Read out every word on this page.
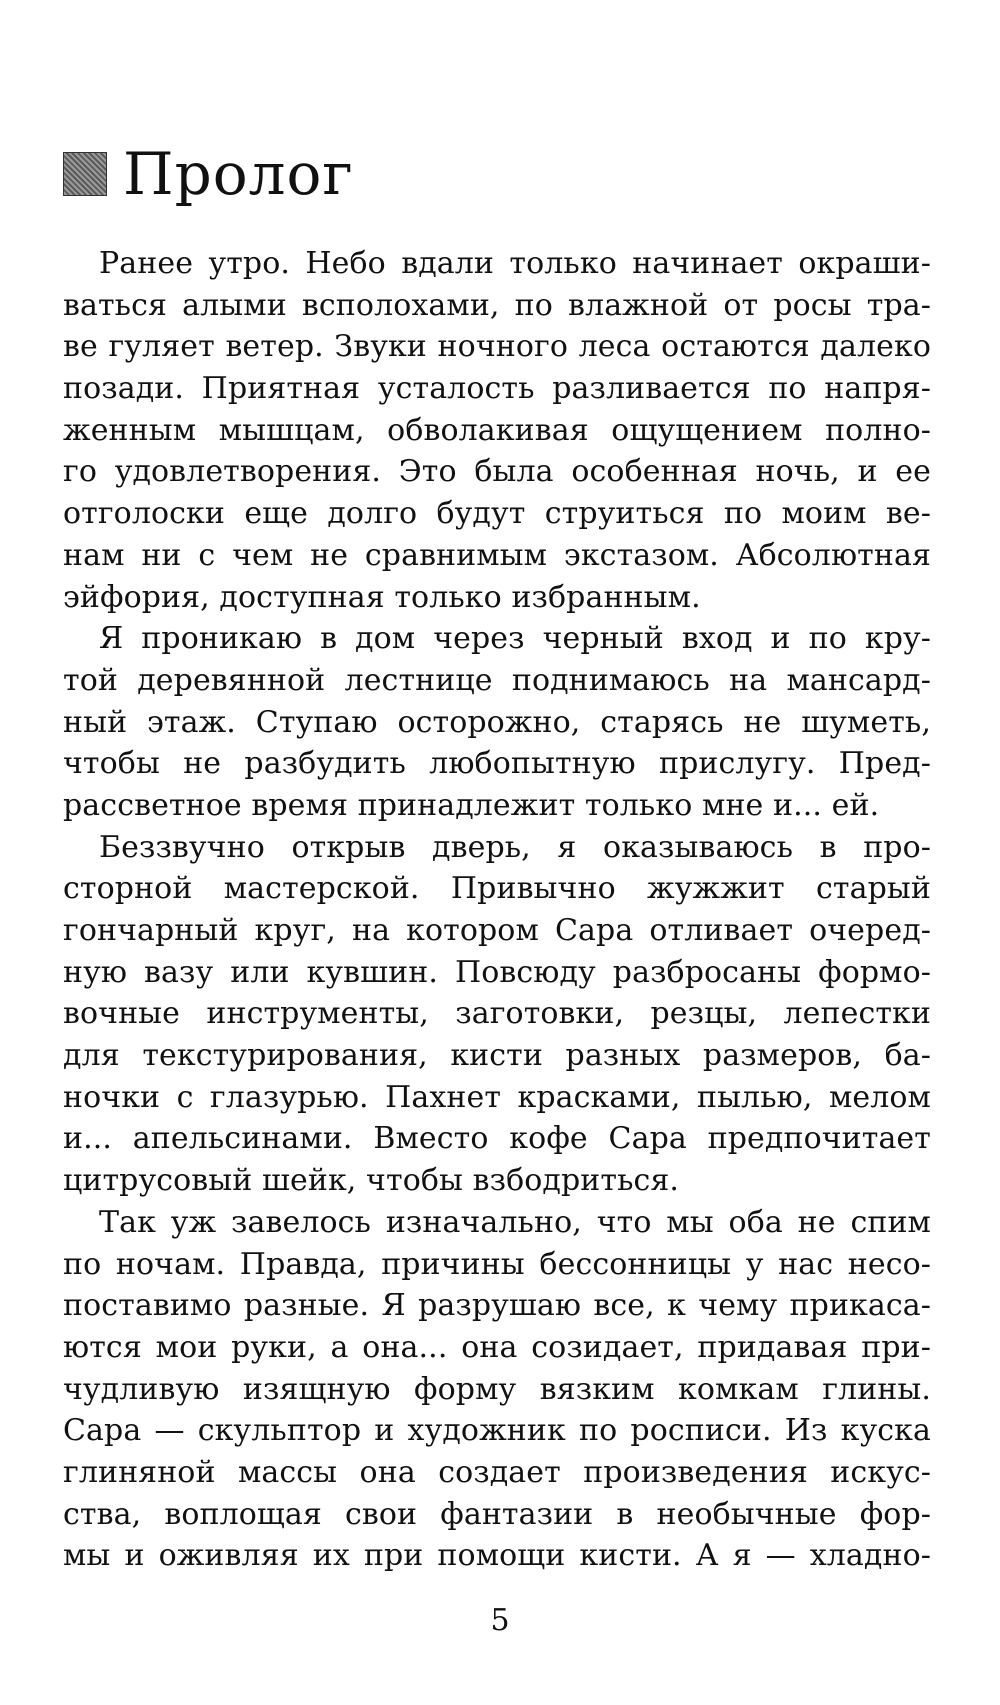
Пролог
Ранее утро. Небо вдали только начинает окраши-
ваться алыми всполохами, по влажной от росы тра-
ве гуляет ветер. Звуки ночного леса остаются далеко
позади. Приятная усталость разливается по напря-
женным мышцам, обволакивая ощущением полно-
го удовлетворения. Это была особенная ночь, и ее
отголоски еще долго будут струиться по моим ве-
нам ни с чем не сравнимым экстазом. Абсолютная
эйфория, доступная только избранным.
Я проникаю в дом через черный вход и по кру-
той деревянной лестнице поднимаюсь на мансард-
ный этаж. Ступаю осторожно, старясь не шуметь,
чтобы не разбудить любопытную прислугу. Пред-
рассветное время принадлежит только мне и... ей.
Беззвучно открыв дверь, я оказываюсь в про-
сторной мастерской. Привычно жужжит старый
гончарный круг, на котором Сара отливает очеред-
ную вазу или кувшин. Повсюду разбросаны формо-
вочные инструменты, заготовки, резцы, лепестки
для текстурирования, кисти разных размеров, ба-
ночки с глазурью. Пахнет красками, пылью, мелом
и... апельсинами. Вместо кофе Сара предпочитает
цитрусовый шейк, чтобы взбодриться.
Так уж завелось изначально, что мы оба не спим
по ночам. Правда, причины бессонницы у нас несо-
поставимо разные. Я разрушаю все, к чему прикаса-
ются мои руки, а она... она созидает, придавая при-
чудливую изящную форму вязким комкам глины.
Сара — скульптор и художник по росписи. Из куска
глиняной массы она создает произведения искус-
ства, воплощая свои фантазии в необычные фор-
мы и оживляя их при помощи кисти. А я — хладно-
5
